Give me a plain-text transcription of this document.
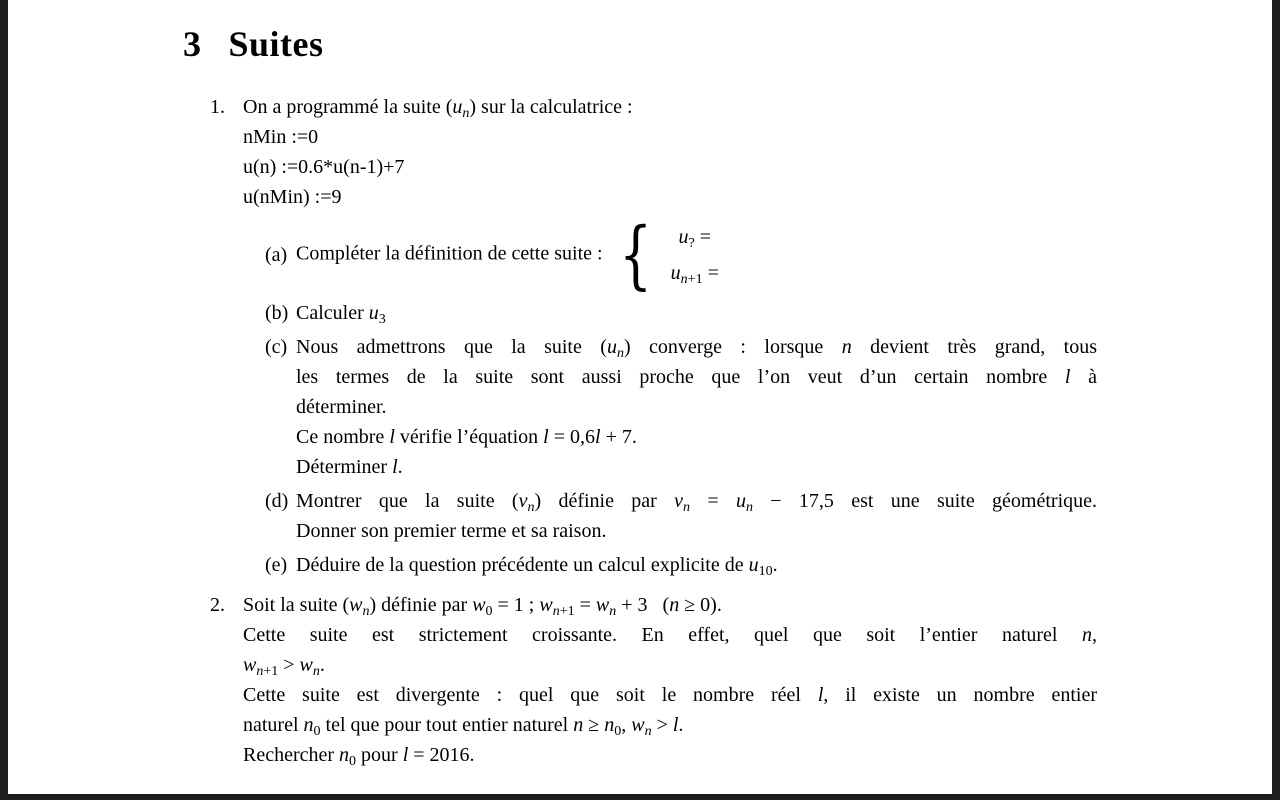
3 Suites
1. On a programmé la suite $(u_n)$ sur la calculatrice :
nMin :=0
u(n) :=0.6*u(n-1)+7
u(nMin) :=9
(a) Compléter la définition de cette suite : { $u_?$ =
$u_{n+1}$ =
(b) Calculer $u_3$
(c) Nous admettrons que la suite $(u_n)$ converge : lorsque n devient très grand, tous
les termes de la suite sont aussi proche que l’on veut d’un certain nombre l à
déterminer.
Ce nombre l vérifie l’équation l = 0,6l + 7.
Déterminer l.
(d) Montrer que la suite $(v_n)$ définie par $v_n = u_n - 17,5$ est une suite géométrique.
Donner son premier terme et sa raison.
(e) Déduire de la question précédente un calcul explicite de $u_{10}$.
2. Soit la suite $(w_n)$ définie par $w_0 = 1$ ; $w_{n+1} = w_n + 3$  (n ≥ 0).
Cette suite est strictement croissante. En effet, quel que soit l’entier naturel n,
$w_{n+1} > w_n$.
Cette suite est divergente : quel que soit le nombre réel l, il existe un nombre entier
naturel $n_0$ tel que pour tout entier naturel $n \ge n_0$, $w_n > l$.
Rechercher $n_0$ pour l = 2016.
